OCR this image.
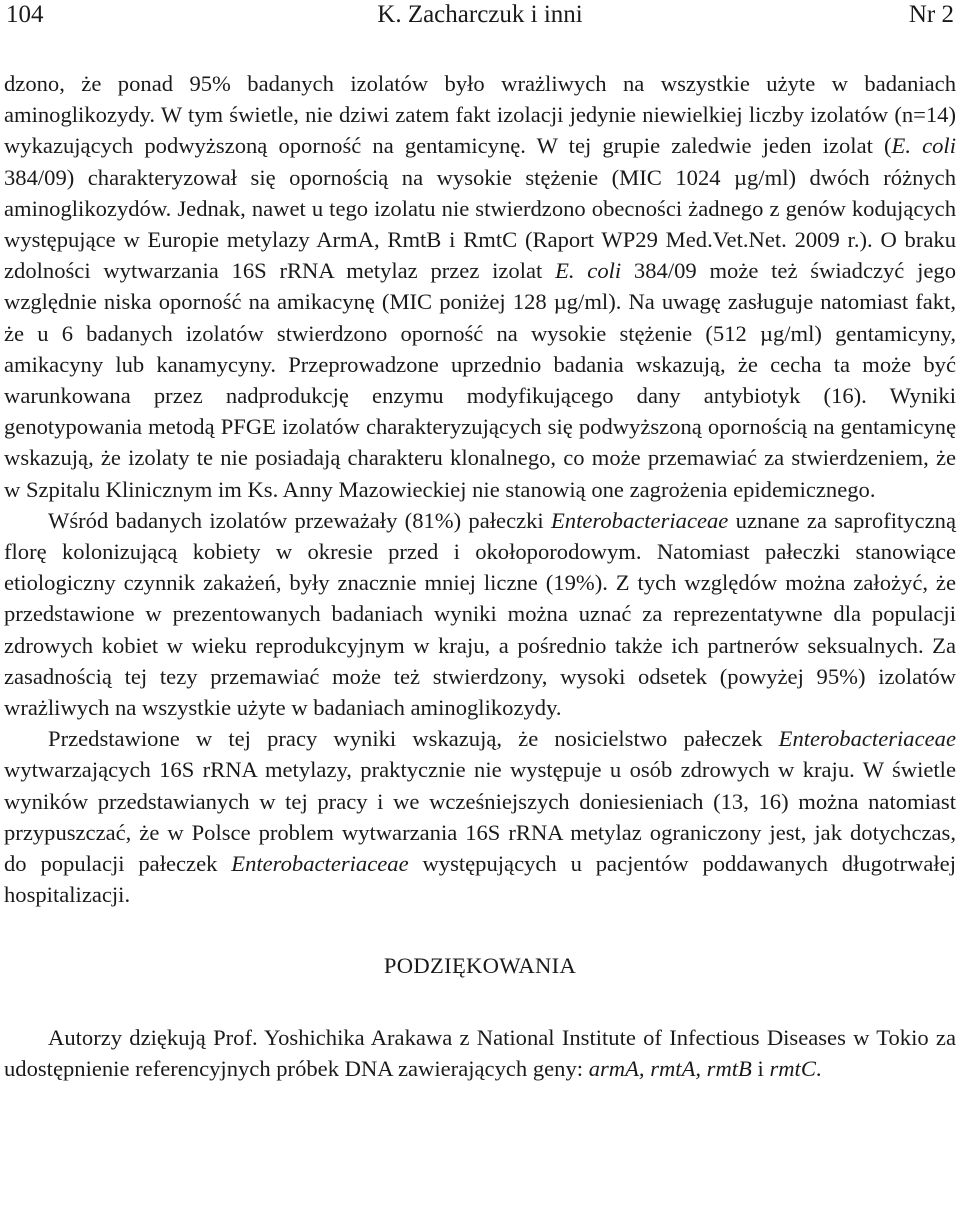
104	K. Zacharczuk i inni	Nr 2

dzono, że ponad 95% badanych izolatów było wrażliwych na wszystkie użyte w badaniach aminoglikozydy. W tym świetle, nie dziwi zatem fakt izolacji jedynie niewielkiej liczby izolatów (n=14) wykazujących podwyższoną oporność na gentamicynę. W tej grupie zaledwie jeden izolat (E. coli 384/09) charakteryzował się opornością na wysokie stężenie (MIC 1024 µg/ml) dwóch różnych aminoglikozydów. Jednak, nawet u tego izolatu nie stwierdzono obecności żadnego z genów kodujących występujące w Europie metylazy ArmA, RmtB i RmtC (Raport WP29 Med.Vet.Net. 2009 r.). O braku zdolności wytwarzania 16S rRNA metylaz przez izolat E. coli 384/09 może też świadczyć jego względnie niska oporność na amikacynę (MIC poniżej 128 µg/ml). Na uwagę zasługuje natomiast fakt, że u 6 badanych izolatów stwierdzono oporność na wysokie stężenie (512 µg/ml) gentamicyny, amikacyny lub kanamycyny. Przeprowadzone uprzednio badania wskazują, że cecha ta może być warunkowana przez nadprodukcję enzymu modyfikującego dany antybiotyk (16). Wyniki genotypowania metodą PFGE izolatów charakteryzujących się podwyższoną opornością na gentamicynę wskazują, że izolaty te nie posiadają charakteru klonalnego, co może przemawiać za stwierdzeniem, że w Szpitalu Klinicznym im Ks. Anny Mazowieckiej nie stanowią one zagrożenia epidemicznego.

Wśród badanych izolatów przeważały (81%) pałeczki Enterobacteriaceae uznane za saprofityczną florę kolonizującą kobiety w okresie przed i okołoporodowym. Natomiast pałeczki stanowiące etiologiczny czynnik zakażeń, były znacznie mniej liczne (19%). Z tych względów można założyć, że przedstawione w prezentowanych badaniach wyniki można uznać za reprezentatywne dla populacji zdrowych kobiet w wieku reprodukcyjnym w kraju, a pośrednio także ich partnerów seksualnych. Za zasadnością tej tezy przemawiać może też stwierdzony, wysoki odsetek (powyżej 95%) izolatów wrażliwych na wszystkie użyte w badaniach aminoglikozydy.

Przedstawione w tej pracy wyniki wskazują, że nosicielstwo pałeczek Enterobacteriaceae wytwarzających 16S rRNA metylazy, praktycznie nie występuje u osób zdrowych w kraju. W świetle wyników przedstawianych w tej pracy i we wcześniejszych doniesieniach (13, 16) można natomiast przypuszczać, że w Polsce problem wytwarzania 16S rRNA metylaz ograniczony jest, jak dotychczas, do populacji pałeczek Enterobacteriaceae występujących u pacjentów poddawanych długotrwałej hospitalizacji.

PODZIĘKOWANIA

Autorzy dziękują Prof. Yoshichika Arakawa z National Institute of Infectious Diseases w Tokio za udostępnienie referencyjnych próbek DNA zawierających geny: armA, rmtA, rmtB i rmtC.
